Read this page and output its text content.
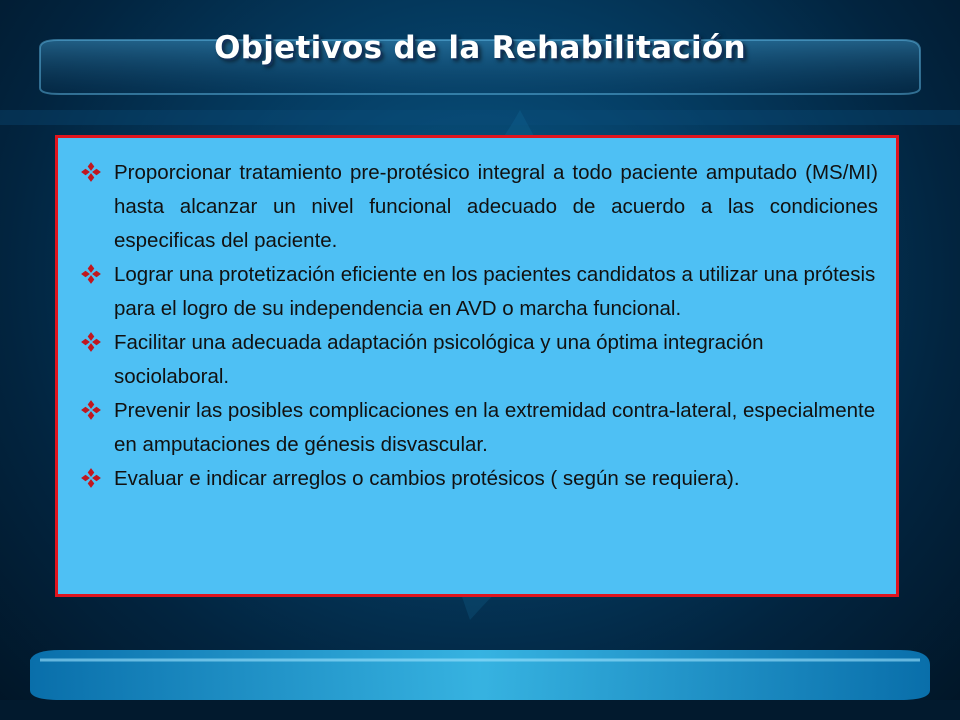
Objetivos de la Rehabilitación
Proporcionar tratamiento pre-protésico integral a todo paciente amputado (MS/MI) hasta alcanzar un nivel funcional adecuado de acuerdo a las condiciones especificas del paciente.
Lograr una protetización eficiente en los pacientes candidatos a utilizar una prótesis para el logro de su independencia en AVD o marcha funcional.
Facilitar una adecuada adaptación psicológica y una óptima integración sociolaboral.
Prevenir las posibles complicaciones en la extremidad contra-lateral, especialmente en amputaciones de génesis disvascular.
Evaluar e indicar arreglos o cambios protésicos ( según se requiera).
